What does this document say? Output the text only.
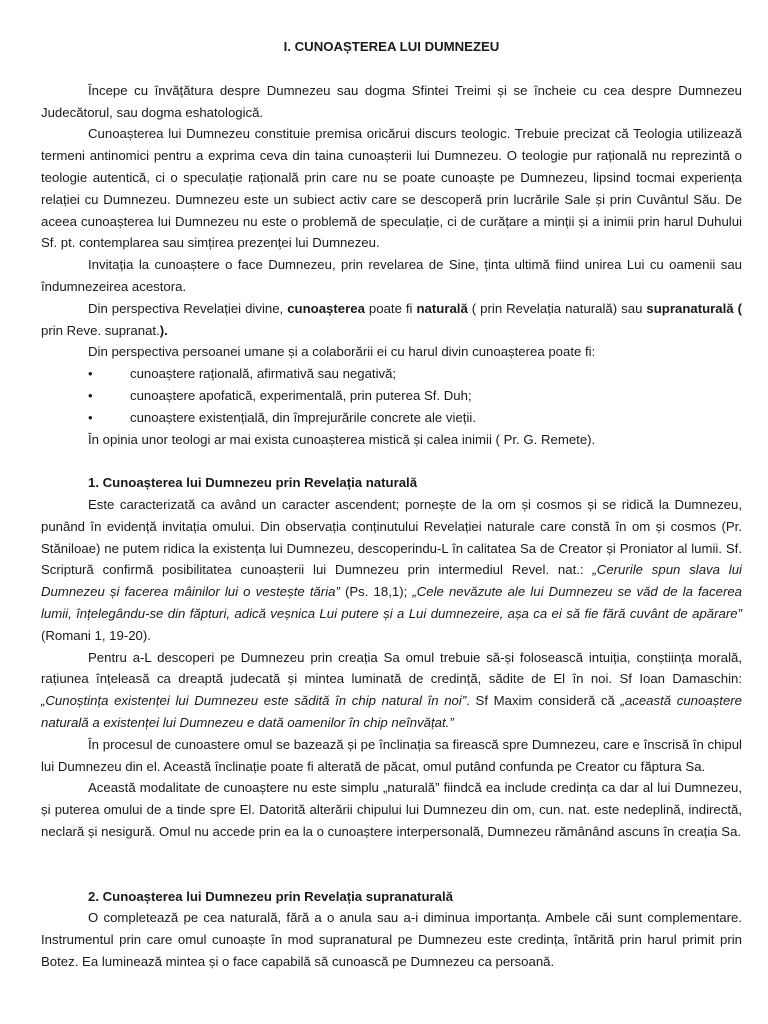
I. CUNOAȘTEREA LUI DUMNEZEU

Începe cu învățătura despre Dumnezeu sau dogma Sfintei Treimi și se încheie cu cea despre Dumnezeu Judecătorul, sau dogma eshatologică.

Cunoașterea lui Dumnezeu constituie premisa oricărui discurs teologic. Trebuie precizat că Teologia utilizează termeni antinomici pentru a exprima ceva din taina cunoașterii lui Dumnezeu. O teologie pur rațională nu reprezintă o teologie autentică, ci o speculație rațională prin care nu se poate cunoaște pe Dumnezeu, lipsind tocmai experiența relației cu Dumnezeu. Dumnezeu este un subiect activ care se descoperă prin lucrările Sale și prin Cuvântul Său. De aceea cunoașterea lui Dumnezeu nu este o problemă de speculație, ci de curățare a minții și a inimii prin harul Duhului Sf. pt. contemplarea sau simțirea prezenței lui Dumnezeu.

Invitația la cunoaștere o face Dumnezeu, prin revelarea de Sine, ținta ultimă fiind unirea Lui cu oamenii sau îndumnezeirea acestora.

Din perspectiva Revelației divine, cunoașterea poate fi naturală ( prin Revelația naturală) sau supranaturală ( prin Reve. supranat.).

Din perspectiva persoanei umane și a colaborării ei cu harul divin cunoașterea poate fi:

•	cunoaștere rațională, afirmativă sau negativă;
•	cunoaștere apofatică, experimentală, prin puterea Sf. Duh;
•	cunoaștere existențială, din împrejurările concrete ale vieții.

În opinia unor teologi ar mai exista cunoașterea mistică și calea inimii ( Pr. G. Remete).

1. Cunoașterea lui Dumnezeu prin Revelația naturală

Este caracterizată ca având un caracter ascendent; pornește de la om și cosmos și se ridică la Dumnezeu, punând în evidență invitația omului. Din observația conținutului Revelației naturale care constă în om și cosmos (Pr. Stăniloae) ne putem ridica la existența lui Dumnezeu, descoperindu-L în calitatea Sa de Creator și Proniator al lumii. Sf. Scriptură confirmă posibilitatea cunoașterii lui Dumnezeu prin intermediul Revel. nat.: „Cerurile spun slava lui Dumnezeu și facerea mâinilor lui o vestește tăria” (Ps. 18,1); „Cele nevăzute ale lui Dumnezeu se văd de la facerea lumii, înțelegându-se din făpturi, adică veșnica Lui putere și a Lui dumnezeire, așa ca ei să fie fără cuvânt de apărare” (Romani 1, 19-20).

Pentru a-L descoperi pe Dumnezeu prin creația Sa omul trebuie să-și folosească intuiția, conștiința morală, rațiunea înțeleasă ca dreaptă judecată și mintea luminată de credință, sădite de El în noi. Sf Ioan Damaschin: „Cunoștința existenței lui Dumnezeu este sădită în chip natural în noi”. Sf Maxim consideră că „această cunoaștere naturală a existenței lui Dumnezeu e dată oamenilor în chip neînvățat.”

În procesul de cunoastere omul se bazează și pe înclinația sa firească spre Dumnezeu, care e înscrisă în chipul lui Dumnezeu din el. Această înclinație poate fi alterată de păcat, omul putând confunda pe Creator cu făptura Sa.

Această modalitate de cunoaștere nu este simplu „naturală” fiindcă ea include credința ca dar al lui Dumnezeu, și puterea omului de a tinde spre El. Datorită alterării chipului lui Dumnezeu din om, cun. nat. este nedeplină, indirectă, neclară și nesigură. Omul nu accede prin ea la o cunoaștere interpersonală, Dumnezeu rămânând ascuns în creația Sa.

2. Cunoașterea lui Dumnezeu prin Revelația supranaturală

O completează pe cea naturală, fără a o anula sau a-i diminua importanța. Ambele căi sunt complementare. Instrumentul prin care omul cunoaște în mod supranatural pe Dumnezeu este credința, întărită prin harul primit prin Botez. Ea luminează mintea și o face capabilă să cunoască pe Dumnezeu ca persoană.
